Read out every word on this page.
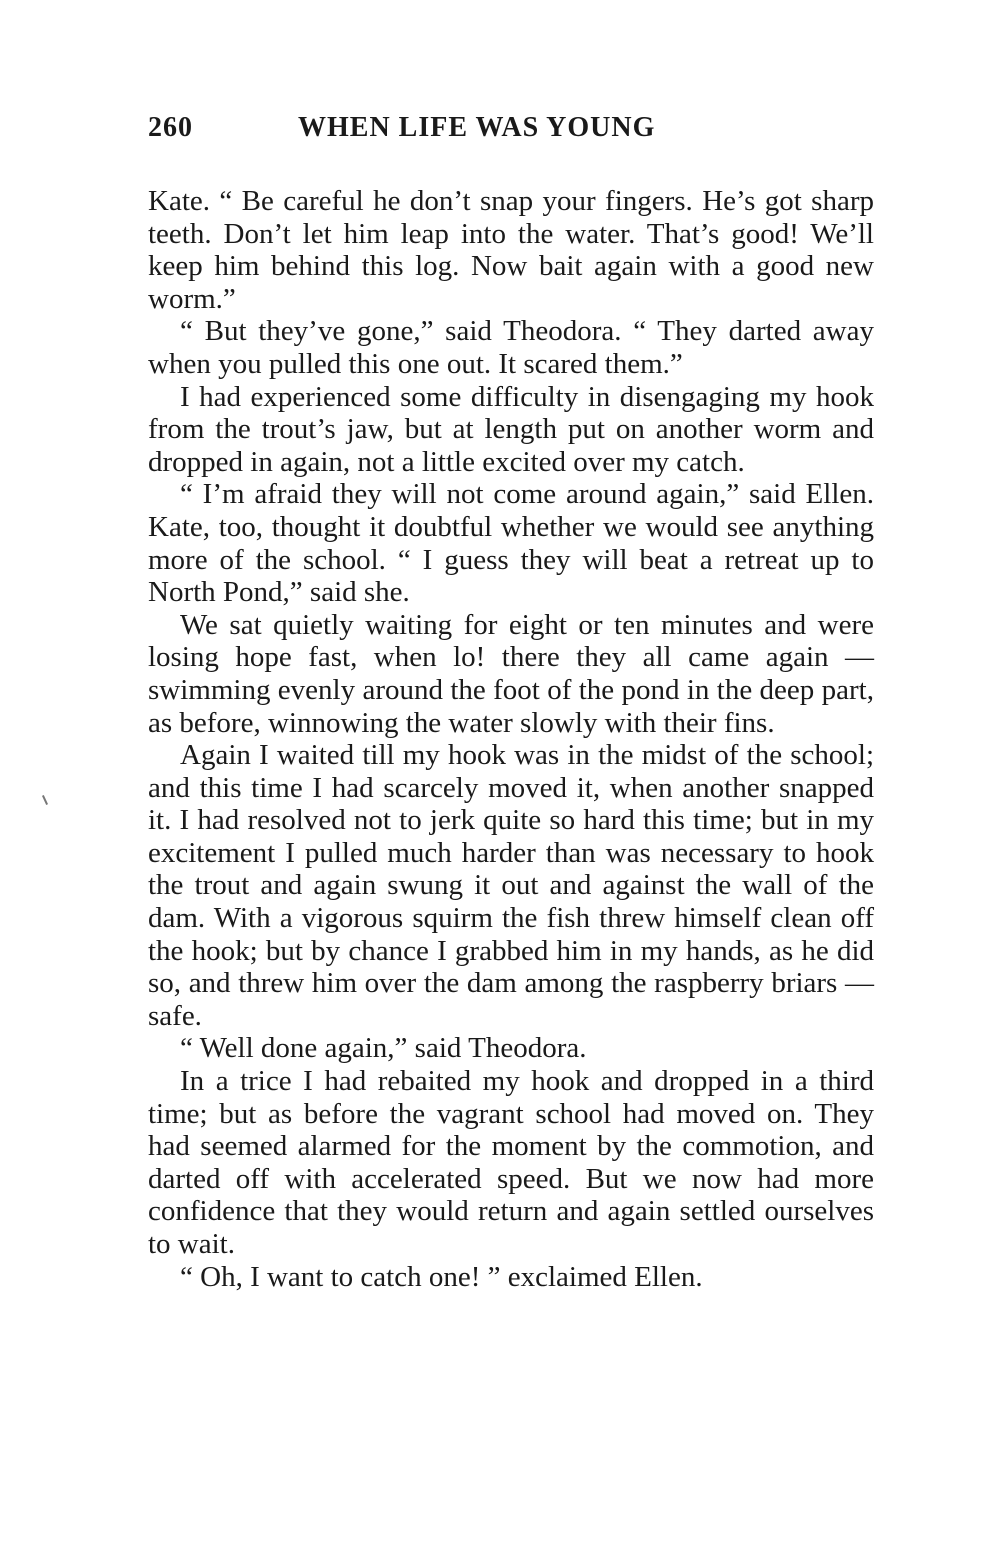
260	WHEN LIFE WAS YOUNG

Kate. “ Be careful he don’t snap your fingers. He’s got sharp teeth. Don’t let him leap into the water. That’s good! We’ll keep him behind this log. Now bait again with a good new worm.”

“ But they’ve gone,” said Theodora. “ They darted away when you pulled this one out. It scared them.”

I had experienced some difficulty in disengaging my hook from the trout’s jaw, but at length put on another worm and dropped in again, not a little excited over my catch.

“ I’m afraid they will not come around again,” said Ellen. Kate, too, thought it doubtful whether we would see anything more of the school. “ I guess they will beat a retreat up to North Pond,” said she.

We sat quietly waiting for eight or ten minutes and were losing hope fast, when lo! there they all came again — swimming evenly around the foot of the pond in the deep part, as before, winnowing the water slowly with their fins.

Again I waited till my hook was in the midst of the school; and this time I had scarcely moved it, when another snapped it. I had resolved not to jerk quite so hard this time; but in my excitement I pulled much harder than was necessary to hook the trout and again swung it out and against the wall of the dam. With a vigorous squirm the fish threw himself clean off the hook; but by chance I grabbed him in my hands, as he did so, and threw him over the dam among the raspberry briars — safe.

“ Well done again,” said Theodora.

In a trice I had rebaited my hook and dropped in a third time; but as before the vagrant school had moved on. They had seemed alarmed for the moment by the commotion, and darted off with accelerated speed. But we now had more confidence that they would return and again settled ourselves to wait.

“ Oh, I want to catch one! ” exclaimed Ellen.
